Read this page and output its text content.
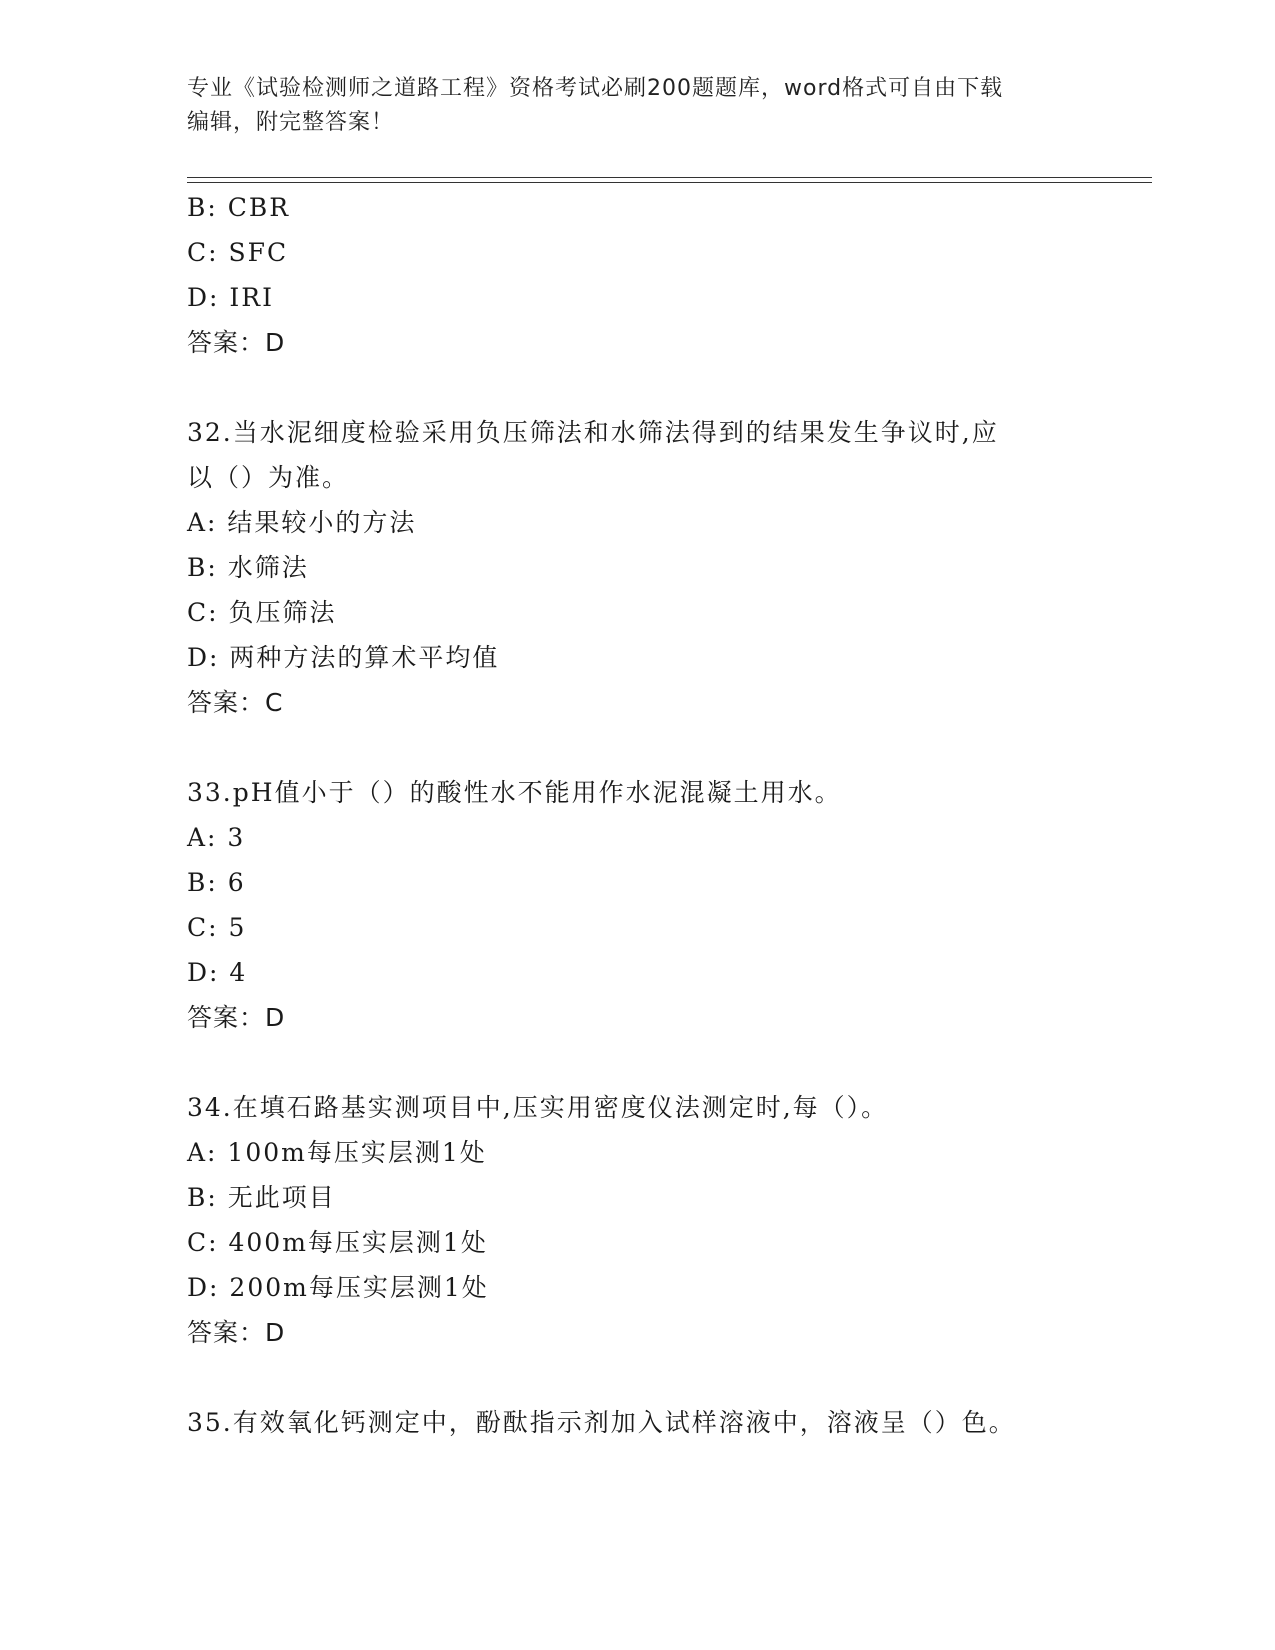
专业《试验检测师之道路工程》资格考试必刷200题题库，word格式可自由下载
编辑，附完整答案！
B: CBR
C: SFC
D: IRI
答案：D
32.当水泥细度检验采用负压筛法和水筛法得到的结果发生争议时,应
以（）为准。
A: 结果较小的方法
B: 水筛法
C: 负压筛法
D: 两种方法的算术平均值
答案：C
33.pH值小于（）的酸性水不能用作水泥混凝土用水。
A: 3
B: 6
C: 5
D: 4
答案：D
34.在填石路基实测项目中,压实用密度仪法测定时,每（）。
A: 100m每压实层测1处
B: 无此项目
C: 400m每压实层测1处
D: 200m每压实层测1处
答案：D
35.有效氧化钙测定中，酚酞指示剂加入试样溶液中，溶液呈（）色。
